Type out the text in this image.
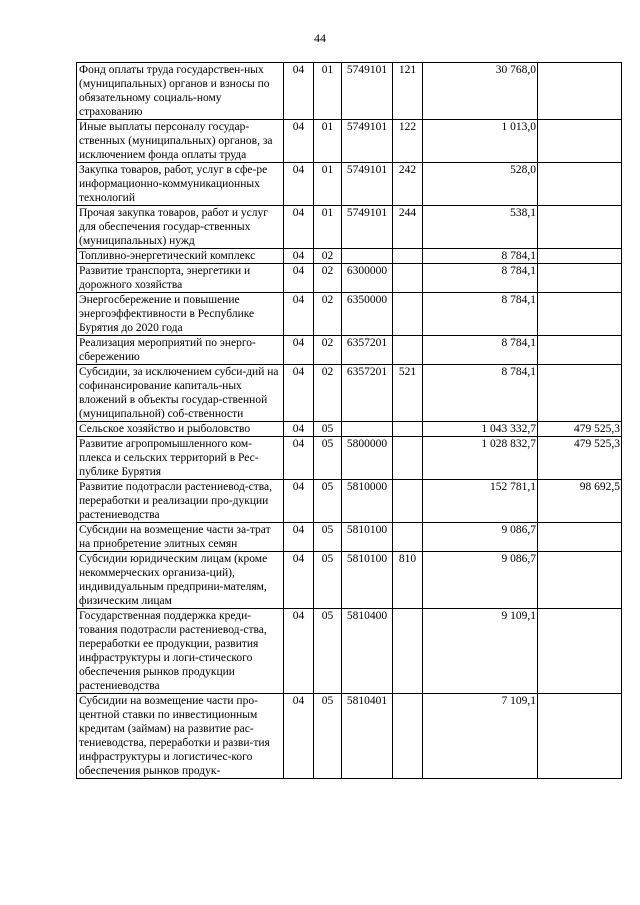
44
Фонд оплаты труда государствен-ных (муниципальных) органов и взносы по обязательному социаль-ному страхованию	04	01	5749101	121	30 768,0	
Иные выплаты персоналу государ-ственных (муниципальных) органов, за исключением фонда оплаты труда	04	01	5749101	122	1 013,0	
Закупка товаров, работ, услуг в сфе-ре информационно-коммуникационных технологий	04	01	5749101	242	528,0	
Прочая закупка товаров, работ и услуг для обеспечения государ-ственных (муниципальных) нужд	04	01	5749101	244	538,1	
Топливно-энергетический комплекс	04	02			8 784,1	
Развитие транспорта, энергетики и дорожного хозяйства	04	02	6300000		8 784,1	
Энергосбережение и повышение энергоэффективности в Республике Бурятия до 2020 года	04	02	6350000		8 784,1	
Реализация мероприятий по энерго-сбережению	04	02	6357201		8 784,1	
Субсидии, за исключением субси-дий на софинансирование капиталь-ных вложений в объекты государ-ственной (муниципальной) соб-ственности	04	02	6357201	521	8 784,1	
Сельское хозяйство и рыболовство	04	05			1 043 332,7	479 525,3
Развитие агропромышленного ком-плекса и сельских территорий в Рес-публике Бурятия	04	05	5800000		1 028 832,7	479 525,3
Развитие подотрасли растениевод-ства, переработки и реализации про-дукции растениеводства	04	05	5810000		152 781,1	98 692,5
Субсидии на возмещение части за-трат на приобретение элитных семян	04	05	5810100		9 086,7	
Субсидии юридическим лицам (кроме некоммерческих организа-ций), индивидуальным предприни-мателям, физическим лицам	04	05	5810100	810	9 086,7	
Государственная поддержка креди-тования подотрасли растениевод-ства, переработки ее продукции, развития инфраструктуры и логи-стического обеспечения рынков продукции растениеводства	04	05	5810400		9 109,1	
Субсидии на возмещение части про-центной ставки по инвестиционным кредитам (займам) на развитие рас-тениеводства, переработки и разви-тия инфраструктуры и логистичес-кого обеспечения рынков продук-	04	05	5810401		7 109,1	
